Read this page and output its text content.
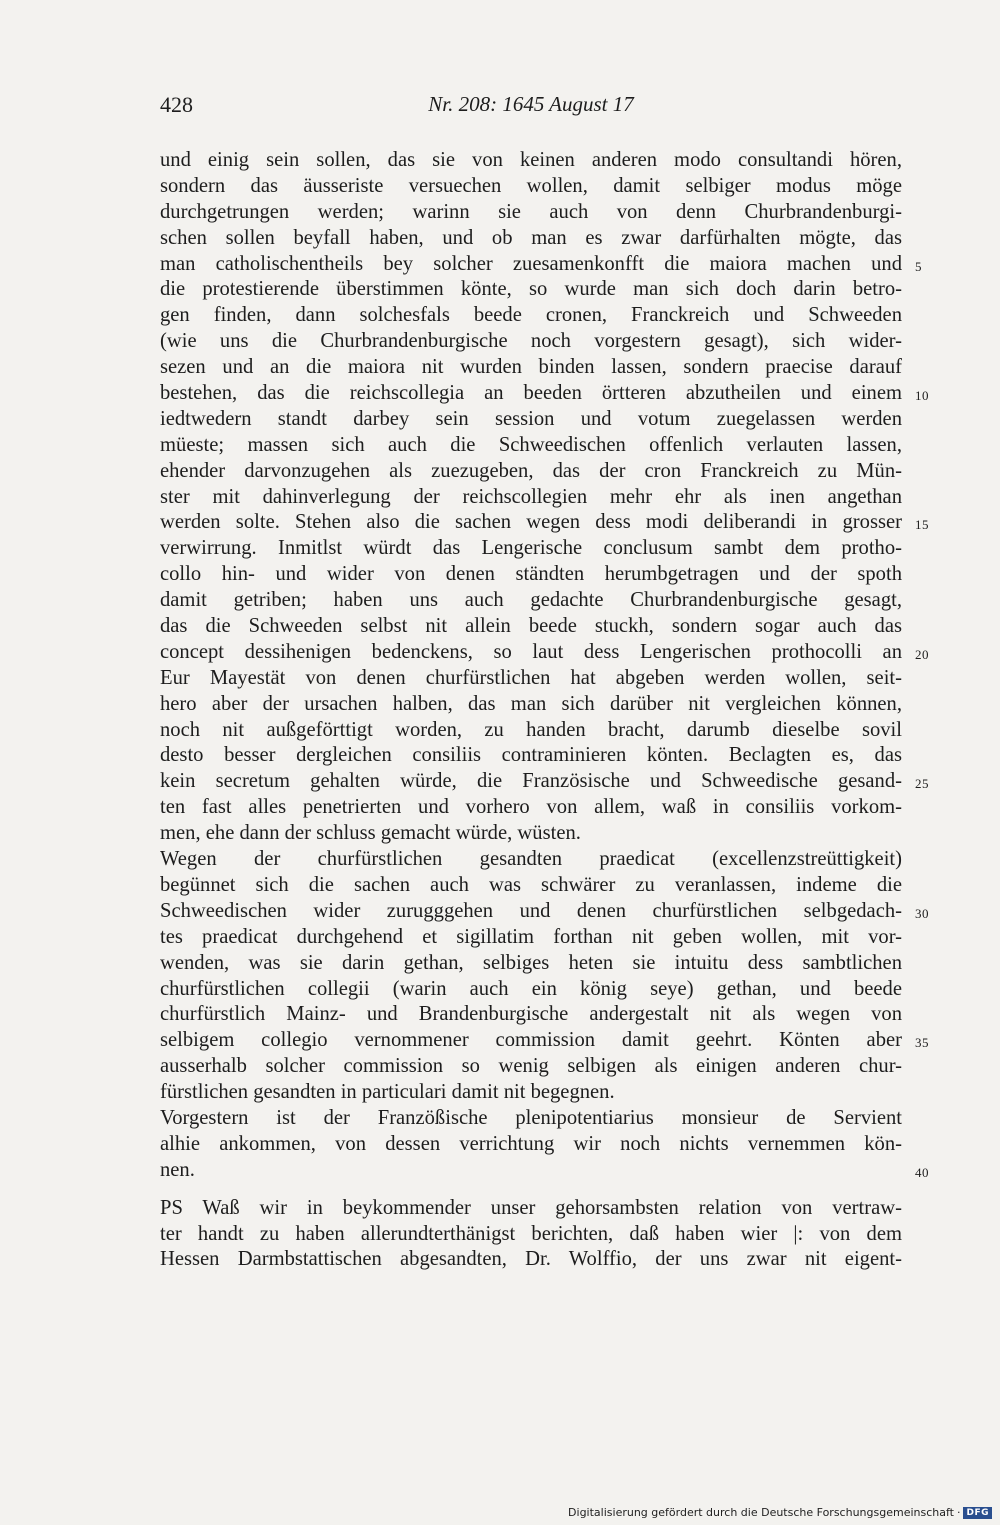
428	Nr. 208: 1645 August 17
und einig sein sollen, das sie von keinen anderen modo consultandi hören,
sondern das äusseriste versuechen wollen, damit selbiger modus möge
durchgetrungen werden; warinn sie auch von denn Churbrandenburgi-
schen sollen beyfall haben, und ob man es zwar darfürhalten mögte, das
man catholischentheils bey solcher zuesamenkonfft die maiora machen und 5
die protestierende überstimmen könte, so wurde man sich doch darin betro-
gen finden, dann solchesfals beede cronen, Franckreich und Schweeden
(wie uns die Churbrandenburgische noch vorgestern gesagt), sich wider-
sezen und an die maiora nit wurden binden lassen, sondern praecise darauf
bestehen, das die reichscollegia an beeden örtteren abzutheilen und einem 10
iedtwedern standt darbey sein session und votum zuegelassen werden
müeste; massen sich auch die Schweedischen offenlich verlauten lassen,
ehender darvonzugehen als zuezugeben, das der cron Franckreich zu Mün-
ster mit dahinverlegung der reichscollegien mehr ehr als inen angethan
werden solte. Stehen also die sachen wegen dess modi deliberandi in grosser 15
verwirrung. Inmitlst würdt das Lengerische conclusum sambt dem protho-
collo hin- und wider von denen ständten herumbgetragen und der spoth
damit getriben; haben uns auch gedachte Churbrandenburgische gesagt,
das die Schweeden selbst nit allein beede stuckh, sondern sogar auch das
concept dessihenigen bedenckens, so laut dess Lengerischen prothocolli an 20
Eur Mayestät von denen churfürstlichen hat abgeben werden wollen, seit-
hero aber der ursachen halben, das man sich darüber nit vergleichen können,
noch nit außgeförttigt worden, zu handen bracht, darumb dieselbe sovil
desto besser dergleichen consiliis contraminieren könten. Beclagten es, das
kein secretum gehalten würde, die Französische und Schweedische gesand- 25
ten fast alles penetrierten und vorhero von allem, waß in consiliis vorkom-
men, ehe dann der schluss gemacht würde, wüsten.
Wegen der churfürstlichen gesandten praedicat (excellenzstreüttigkeit)
begünnet sich die sachen auch was schwärer zu veranlassen, indeme die
Schweedischen wider zurugggehen und denen churfürstlichen selbgedach- 30
tes praedicat durchgehend et sigillatim forthan nit geben wollen, mit vor-
wenden, was sie darin gethan, selbiges heten sie intuitu dess sambtlichen
churfürstlichen collegii (warin auch ein könig seye) gethan, und beede
churfürstlich Mainz- und Brandenburgische andergestalt nit als wegen von
selbigem collegio vernommener commission damit geehrt. Könten aber 35
ausserhalb solcher commission so wenig selbigen als einigen anderen chur-
fürstlichen gesandten in particulari damit nit begegnen.
Vorgestern ist der Franzößische plenipotentiarius monsieur de Servient
alhie ankommen, von dessen verrichtung wir noch nichts vernemmen kön-
nen.	40
PS Waß wir in beykommender unser gehorsambsten relation von vertraw-
ter handt zu haben allerundterthänigst berichten, daß haben wier |: von dem
Hessen Darmbstattischen abgesandten, Dr. Wolffio, der uns zwar nit eigent-
Digitalisierung gefördert durch die Deutsche Forschungsgemeinschaft · DFG
